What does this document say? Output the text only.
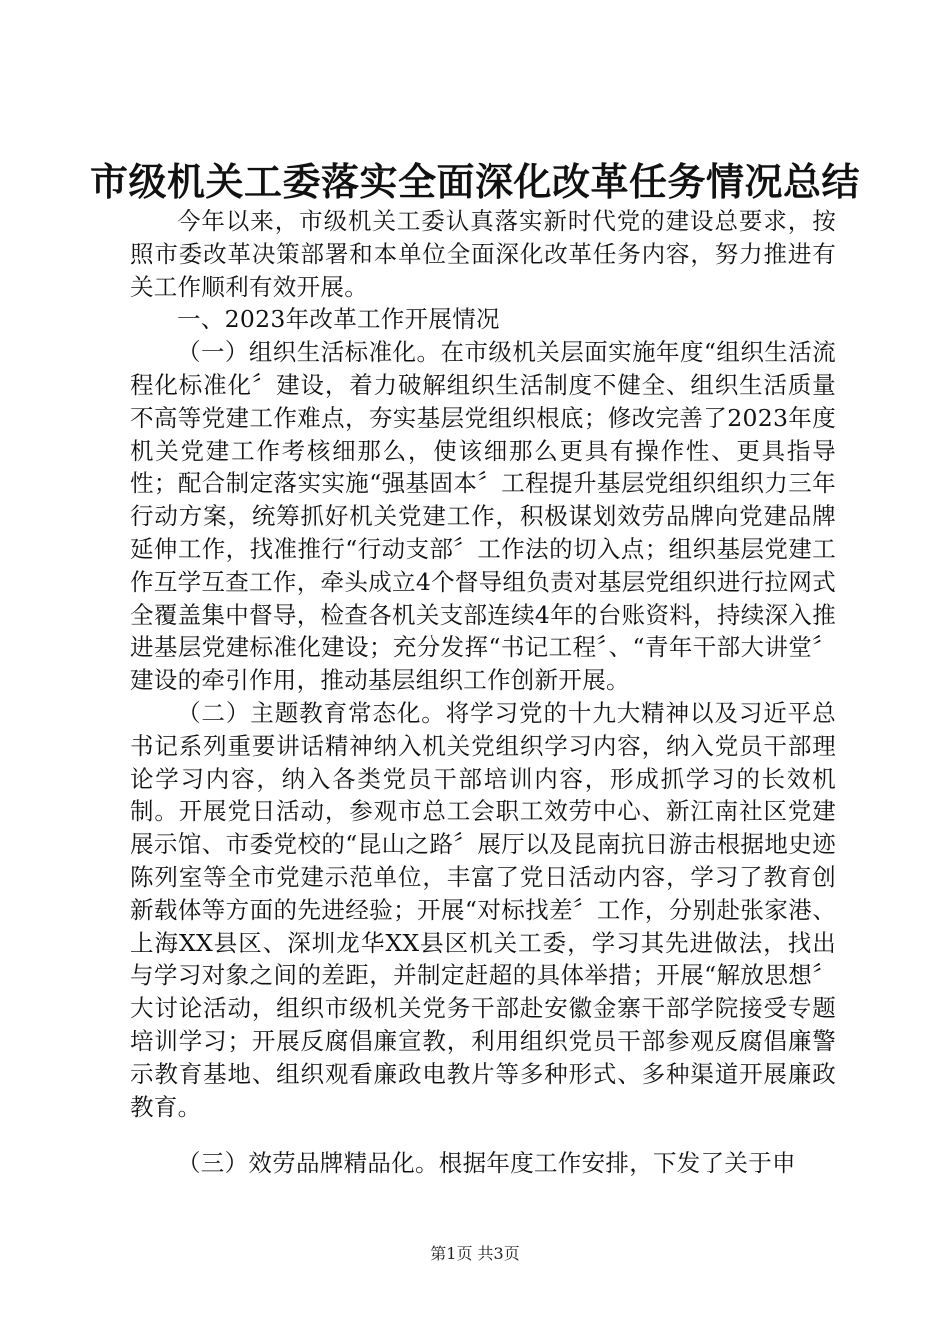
市级机关工委落实全面深化改革任务情况总结

今年以来，市级机关工委认真落实新时代党的建设总要求，按照市委改革决策部署和本单位全面深化改革任务内容，努力推进有关工作顺利有效开展。

一、2023年改革工作开展情况

（一）组织生活标准化。在市级机关层面实施年度“组织生活流程化标准化〞建设，着力破解组织生活制度不健全、组织生活质量不高等党建工作难点，夯实基层党组织根底；修改完善了2023年度机关党建工作考核细那么，使该细那么更具有操作性、更具指导性；配合制定落实实施“强基固本〞工程提升基层党组织组织力三年行动方案，统筹抓好机关党建工作，积极谋划效劳品牌向党建品牌延伸工作，找准推行“行动支部〞工作法的切入点；组织基层党建工作互学互查工作，牵头成立4个督导组负责对基层党组织进行拉网式全覆盖集中督导，检查各机关支部连续4年的台账资料，持续深入推进基层党建标准化建设；充分发挥“书记工程〞、“青年干部大讲堂〞建设的牵引作用，推动基层组织工作创新开展。

（二）主题教育常态化。将学习党的十九大精神以及习近平总书记系列重要讲话精神纳入机关党组织学习内容，纳入党员干部理论学习内容，纳入各类党员干部培训内容，形成抓学习的长效机制。开展党日活动，参观市总工会职工效劳中心、新江南社区党建展示馆、市委党校的“昆山之路〞展厅以及昆南抗日游击根据地史迹陈列室等全市党建示范单位，丰富了党日活动内容，学习了教育创新载体等方面的先进经验；开展“对标找差〞工作，分别赴张家港、上海XX县区、深圳龙华XX县区机关工委，学习其先进做法，找出与学习对象之间的差距，并制定赶超的具体举措；开展“解放思想〞大讨论活动，组织市级机关党务干部赴安徽金寨干部学院接受专题培训学习；开展反腐倡廉宣教，利用组织党员干部参观反腐倡廉警示教育基地、组织观看廉政电教片等多种形式、多种渠道开展廉政教育。

（三）效劳品牌精品化。根据年度工作安排，下发了关于申

第1页 共3页
